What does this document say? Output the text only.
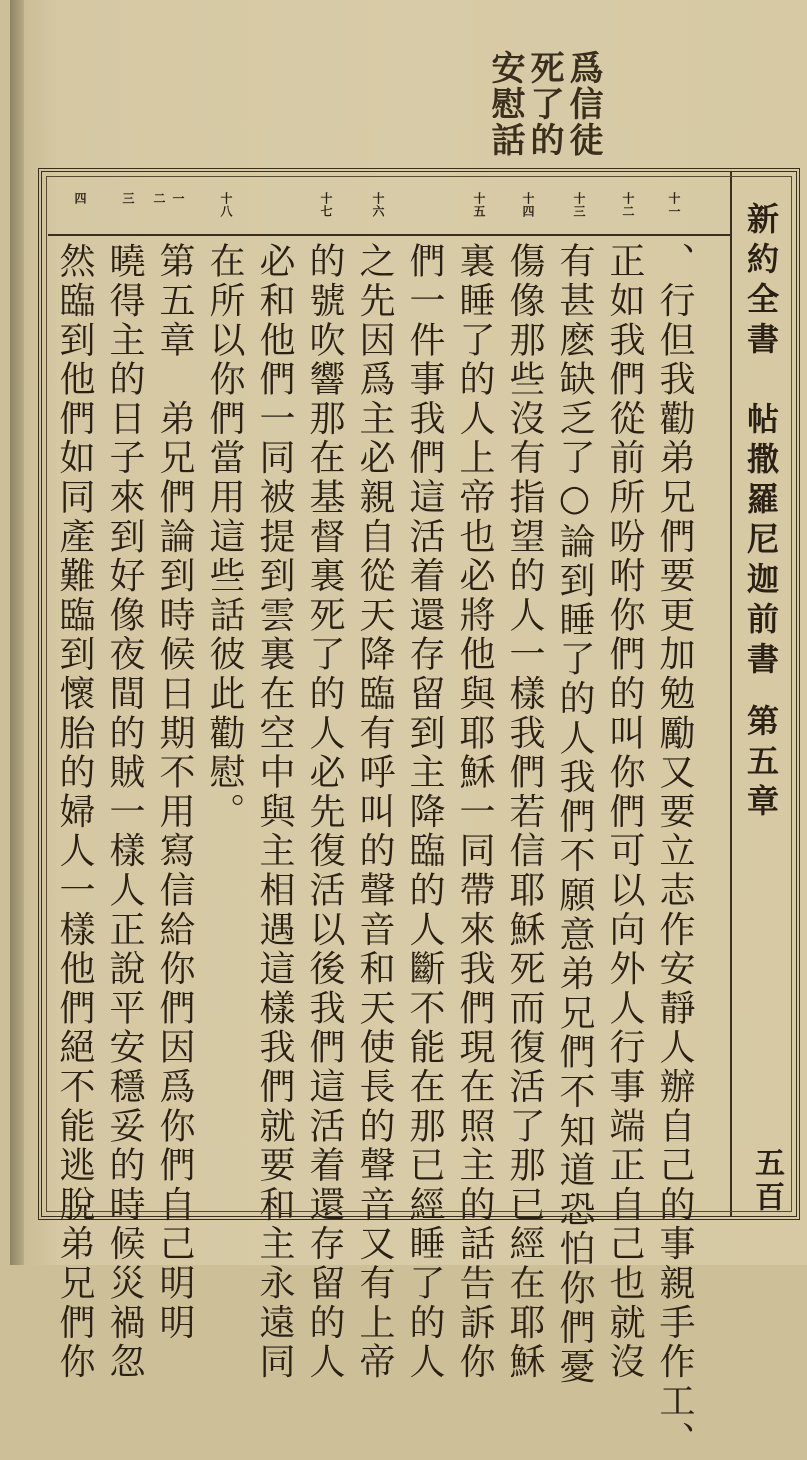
爲信徒
死了的
安慰話
新約全書帖撒羅尼迦前書第五章
五百
十一
十二
十三
十四
十五
十六
十七
十八
一
二
三
四
、行但我勸弟兄們要更加勉勵又要立志作安靜人辦自己的事親手作工、
正如我們從前所吩咐你們的叫你們可以向外人行事端正自己也就沒
有甚麽缺乏了○論到睡了的人我們不願意弟兄們不知道恐怕你們憂
傷像那些沒有指望的人一樣我們若信耶穌死而復活了那已經在耶穌
裏睡了的人上帝也必將他與耶穌一同帶來我們現在照主的話告訴你
們一件事我們這活着還存留到主降臨的人斷不能在那已經睡了的人
之先因爲主必親自從天降臨有呼叫的聲音和天使長的聲音又有上帝
的號吹響那在基督裏死了的人必先復活以後我們這活着還存留的人
必和他們一同被提到雲裏在空中與主相遇這樣我們就要和主永遠同
在所以你們當用這些話彼此勸慰。
第五章　弟兄們論到時候日期不用寫信給你們因爲你們自己明明
曉得主的日子來到好像夜間的賊一樣人正說平安穩妥的時候災禍忽
然臨到他們如同產難臨到懷胎的婦人一樣他們絕不能逃脫弟兄們你
